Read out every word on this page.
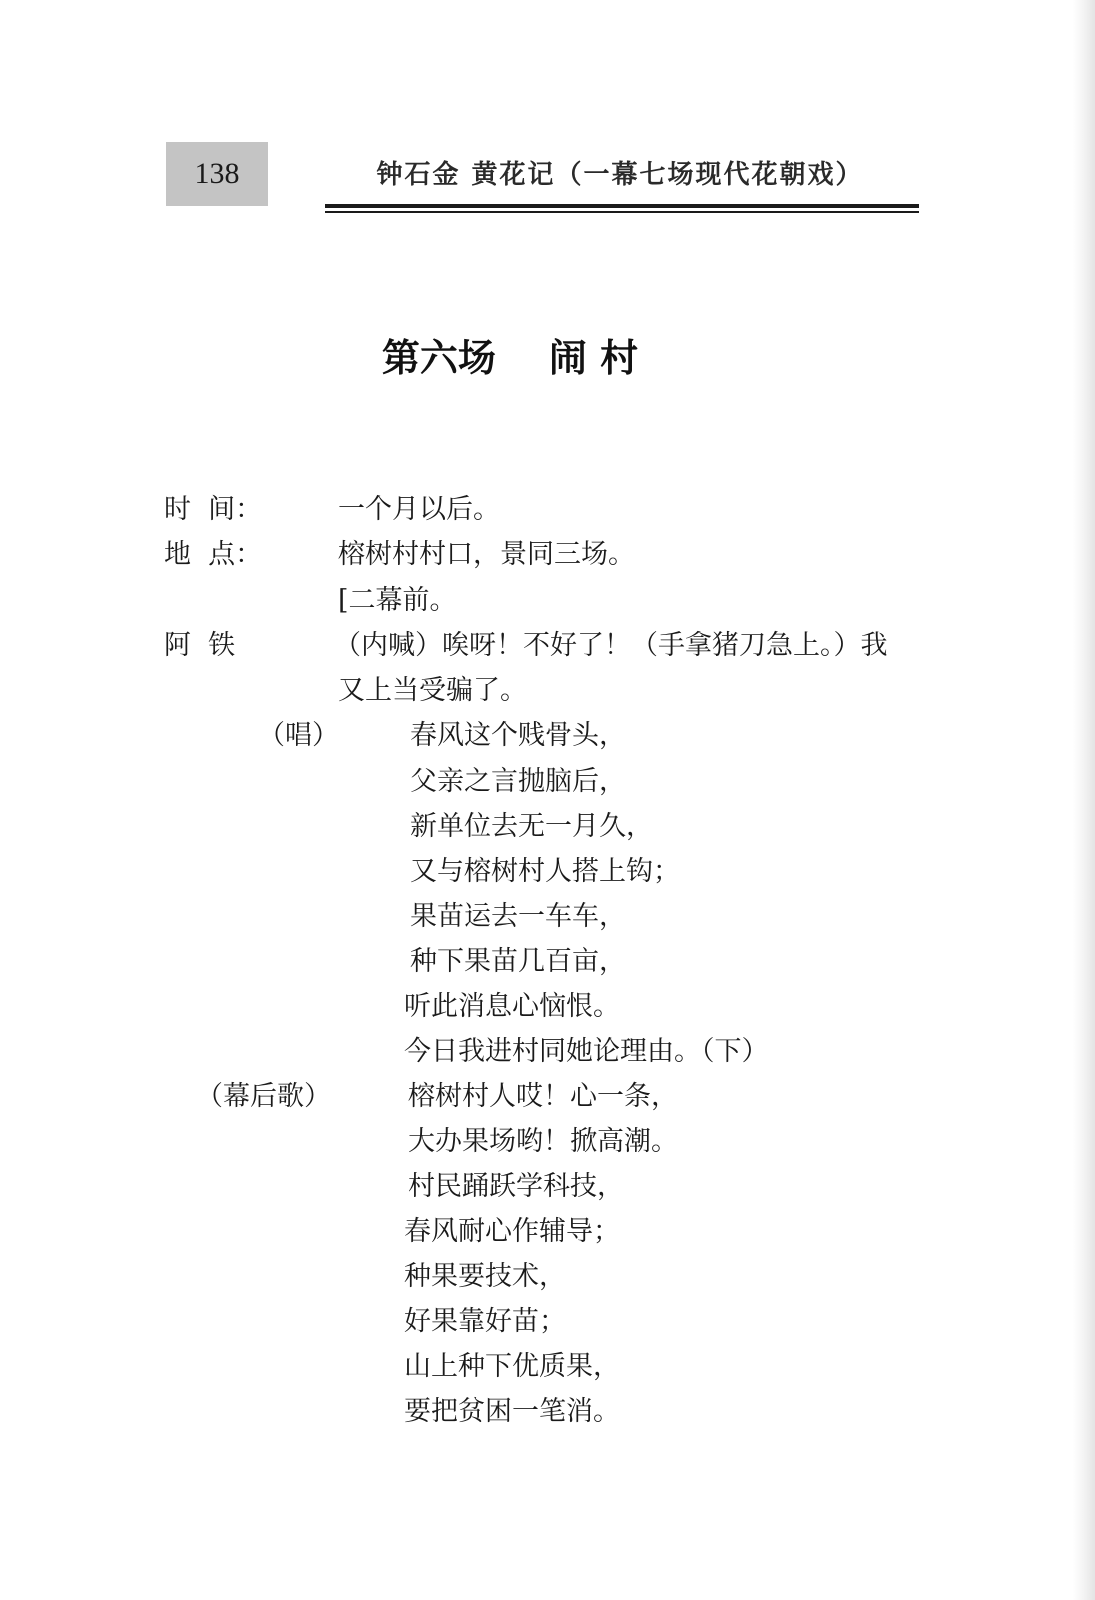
138	钟石金 黄花记（一幕七场现代花朝戏）
第六场    闹 村
时  间：	一个月以后。
地  点：	榕树村村口，景同三场。
[二幕前。
阿  铁	（内喊）唉呀！不好了！（手拿猪刀急上。）我
又上当受骗了。
（唱）	春风这个贱骨头，
父亲之言抛脑后，
新单位去无一月久，
又与榕树村人搭上钩；
果苗运去一车车，
种下果苗几百亩，
听此消息心恼恨。
今日我进村同她论理由。（下）
（幕后歌）	榕树村人哎！心一条，
大办果场哟！掀高潮。
村民踊跃学科技，
春风耐心作辅导；
种果要技术，
好果靠好苗；
山上种下优质果，
要把贫困一笔消。
